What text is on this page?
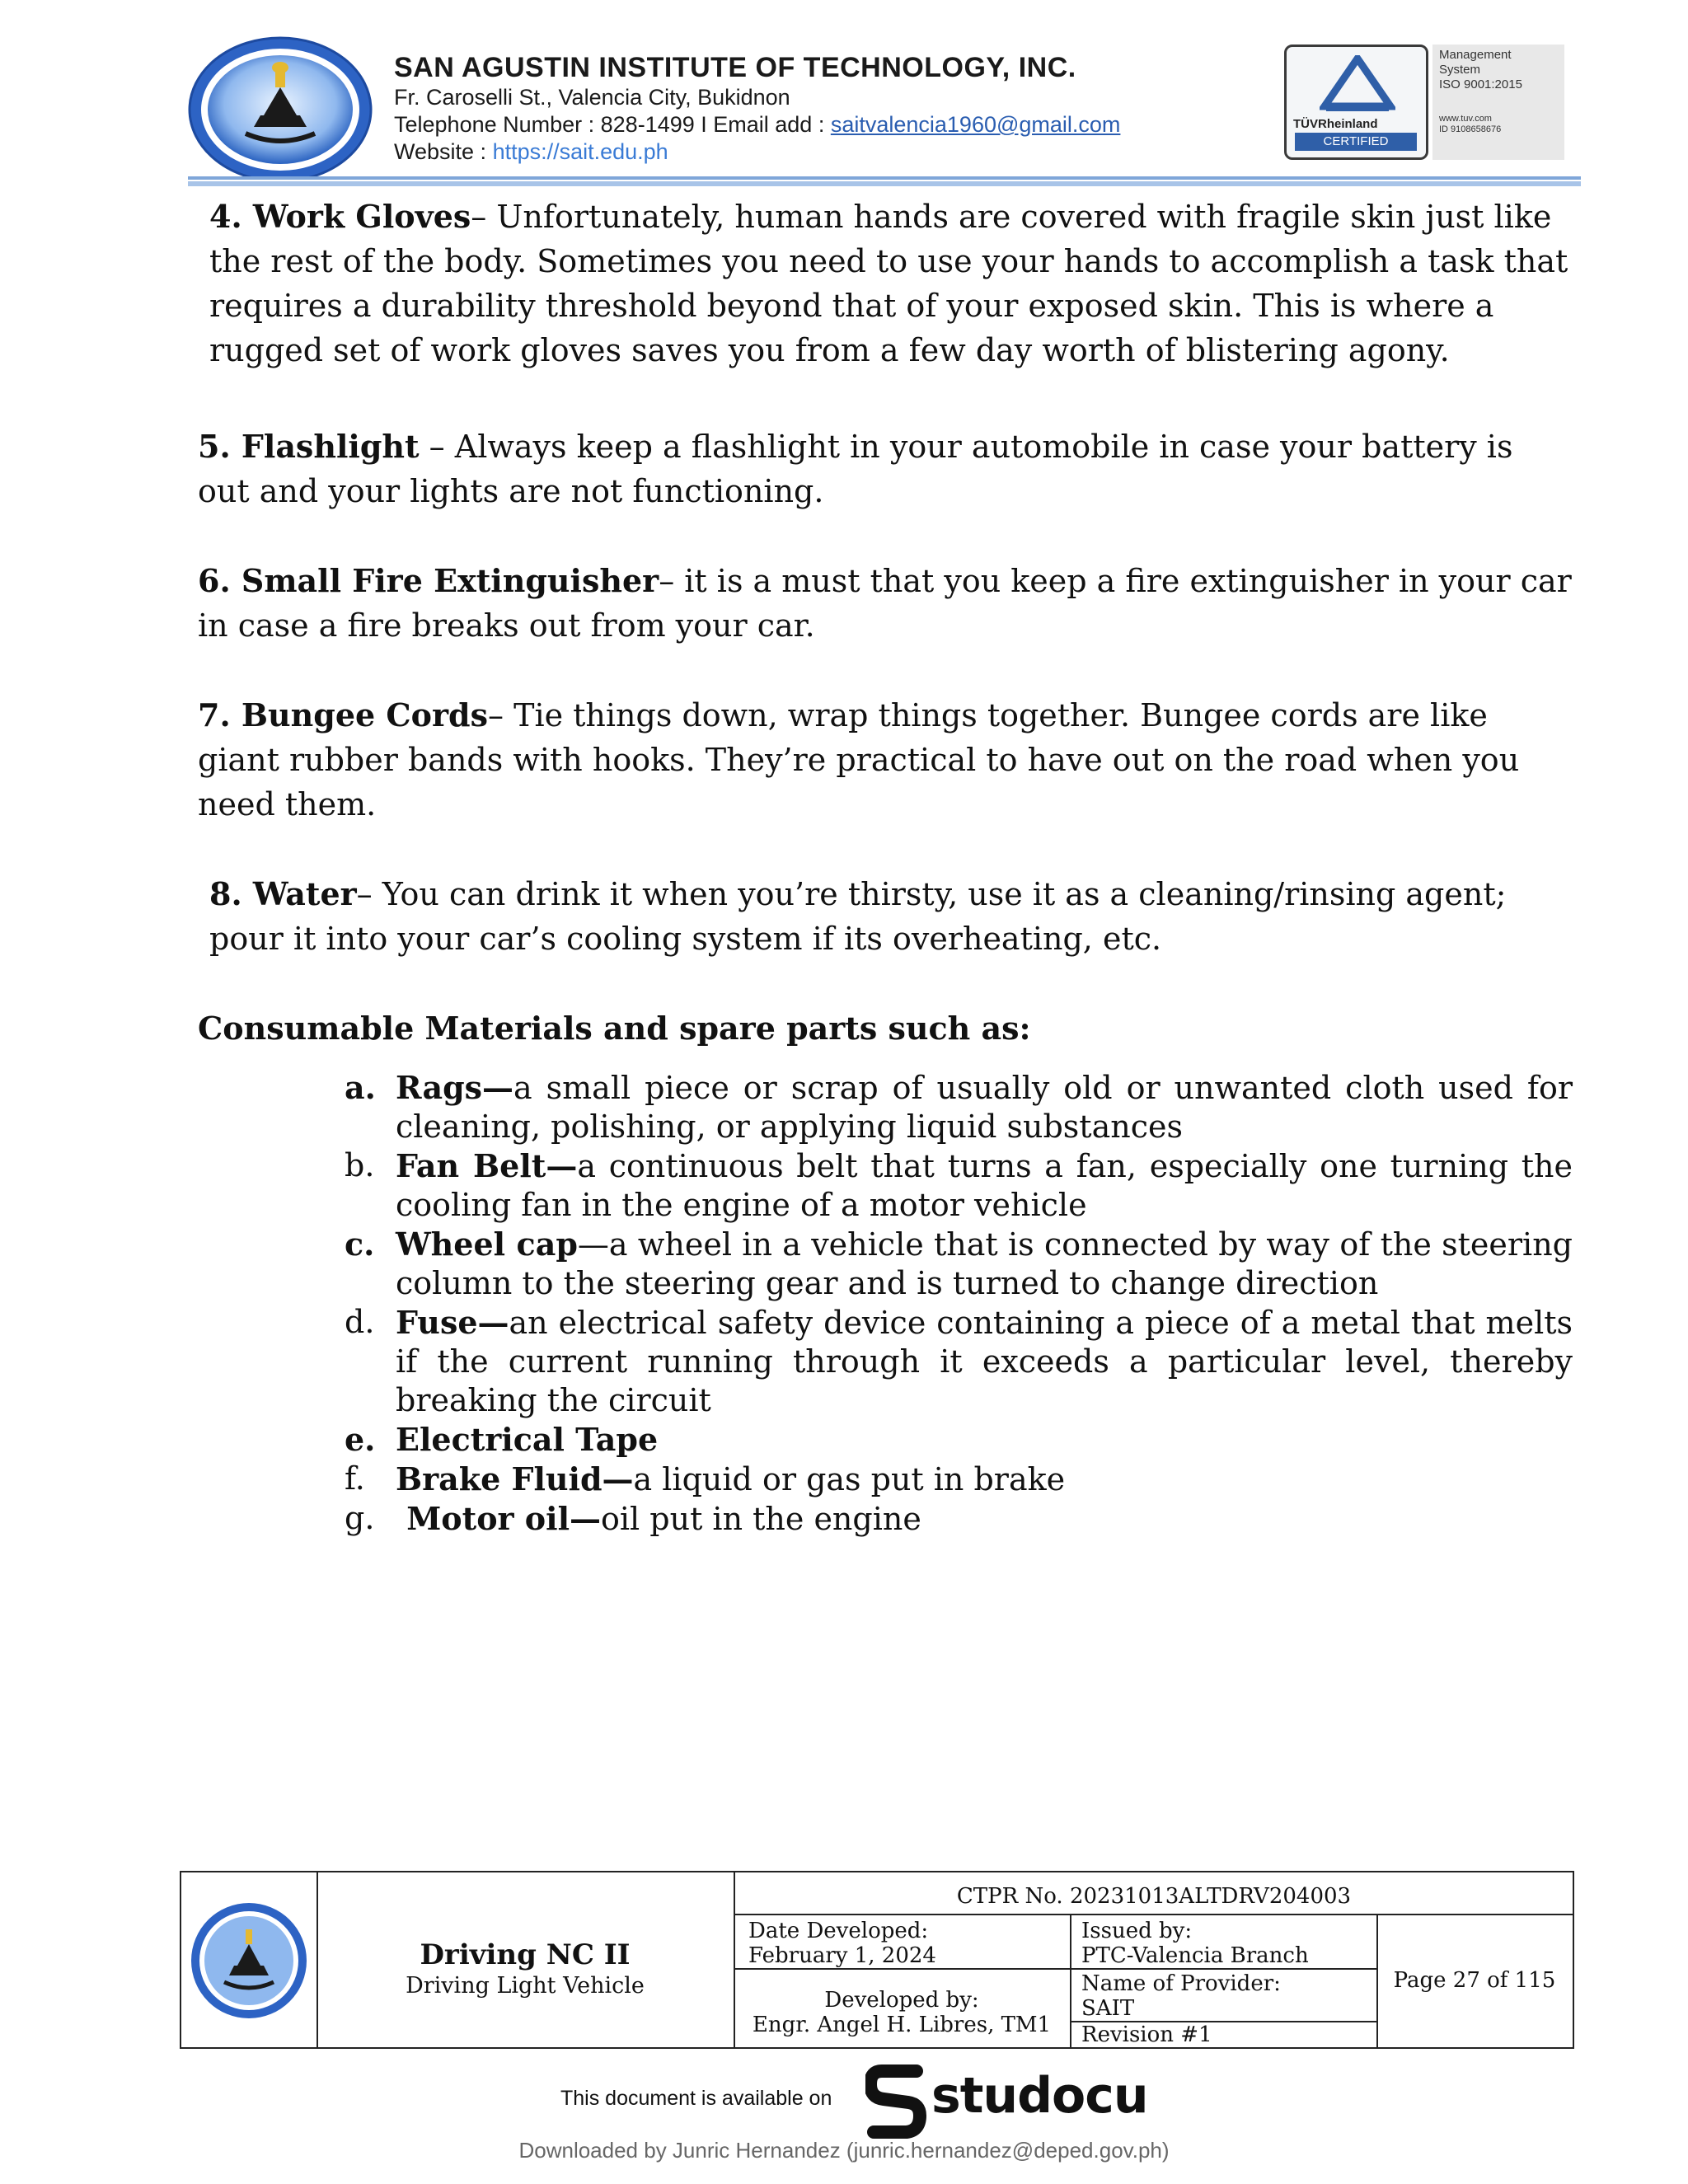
SAN AGUSTIN INSTITUTE OF TECHNOLOGY, INC.
Fr. Caroselli St., Valencia City, Bukidnon
Telephone Number : 828-1499 I Email add : saitvalencia1960@gmail.com
Website : https://sait.edu.ph
TÜVRheinland
CERTIFIED
Management
System
ISO 9001:2015
www.tuv.com
ID 9108658676

4. Work Gloves– Unfortunately, human hands are covered with fragile skin just like the rest of the body. Sometimes you need to use your hands to accomplish a task that requires a durability threshold beyond that of your exposed skin. This is where a rugged set of work gloves saves you from a few day worth of blistering agony.

5. Flashlight – Always keep a flashlight in your automobile in case your battery is out and your lights are not functioning.

6. Small Fire Extinguisher– it is a must that you keep a fire extinguisher in your car in case a fire breaks out from your car.

7. Bungee Cords– Tie things down, wrap things together. Bungee cords are like giant rubber bands with hooks. They’re practical to have out on the road when you need them.

8. Water– You can drink it when you’re thirsty, use it as a cleaning/rinsing agent; pour it into your car’s cooling system if its overheating, etc.

Consumable Materials and spare parts such as:

a. Rags—a small piece or scrap of usually old or unwanted cloth used for cleaning, polishing, or applying liquid substances
b. Fan Belt—a continuous belt that turns a fan, especially one turning the cooling fan in the engine of a motor vehicle
c. Wheel cap—a wheel in a vehicle that is connected by way of the steering column to the steering gear and is turned to change direction
d. Fuse—an electrical safety device containing a piece of a metal that melts if the current running through it exceeds a particular level, thereby breaking the circuit
e. Electrical Tape
f. Brake Fluid—a liquid or gas put in brake
g. Motor oil—oil put in the engine
Driving NC II
Driving Light Vehicle
CTPR No. 20231013ALTDRV204003
Date Developed:
February 1, 2024
Developed by:
Engr. Angel H. Libres, TM1
Issued by:
PTC-Valencia Branch
Name of Provider:
SAIT
Revision #1
Page 27 of 115
This document is available on studocu
Downloaded by Junric Hernandez (junric.hernandez@deped.gov.ph)
